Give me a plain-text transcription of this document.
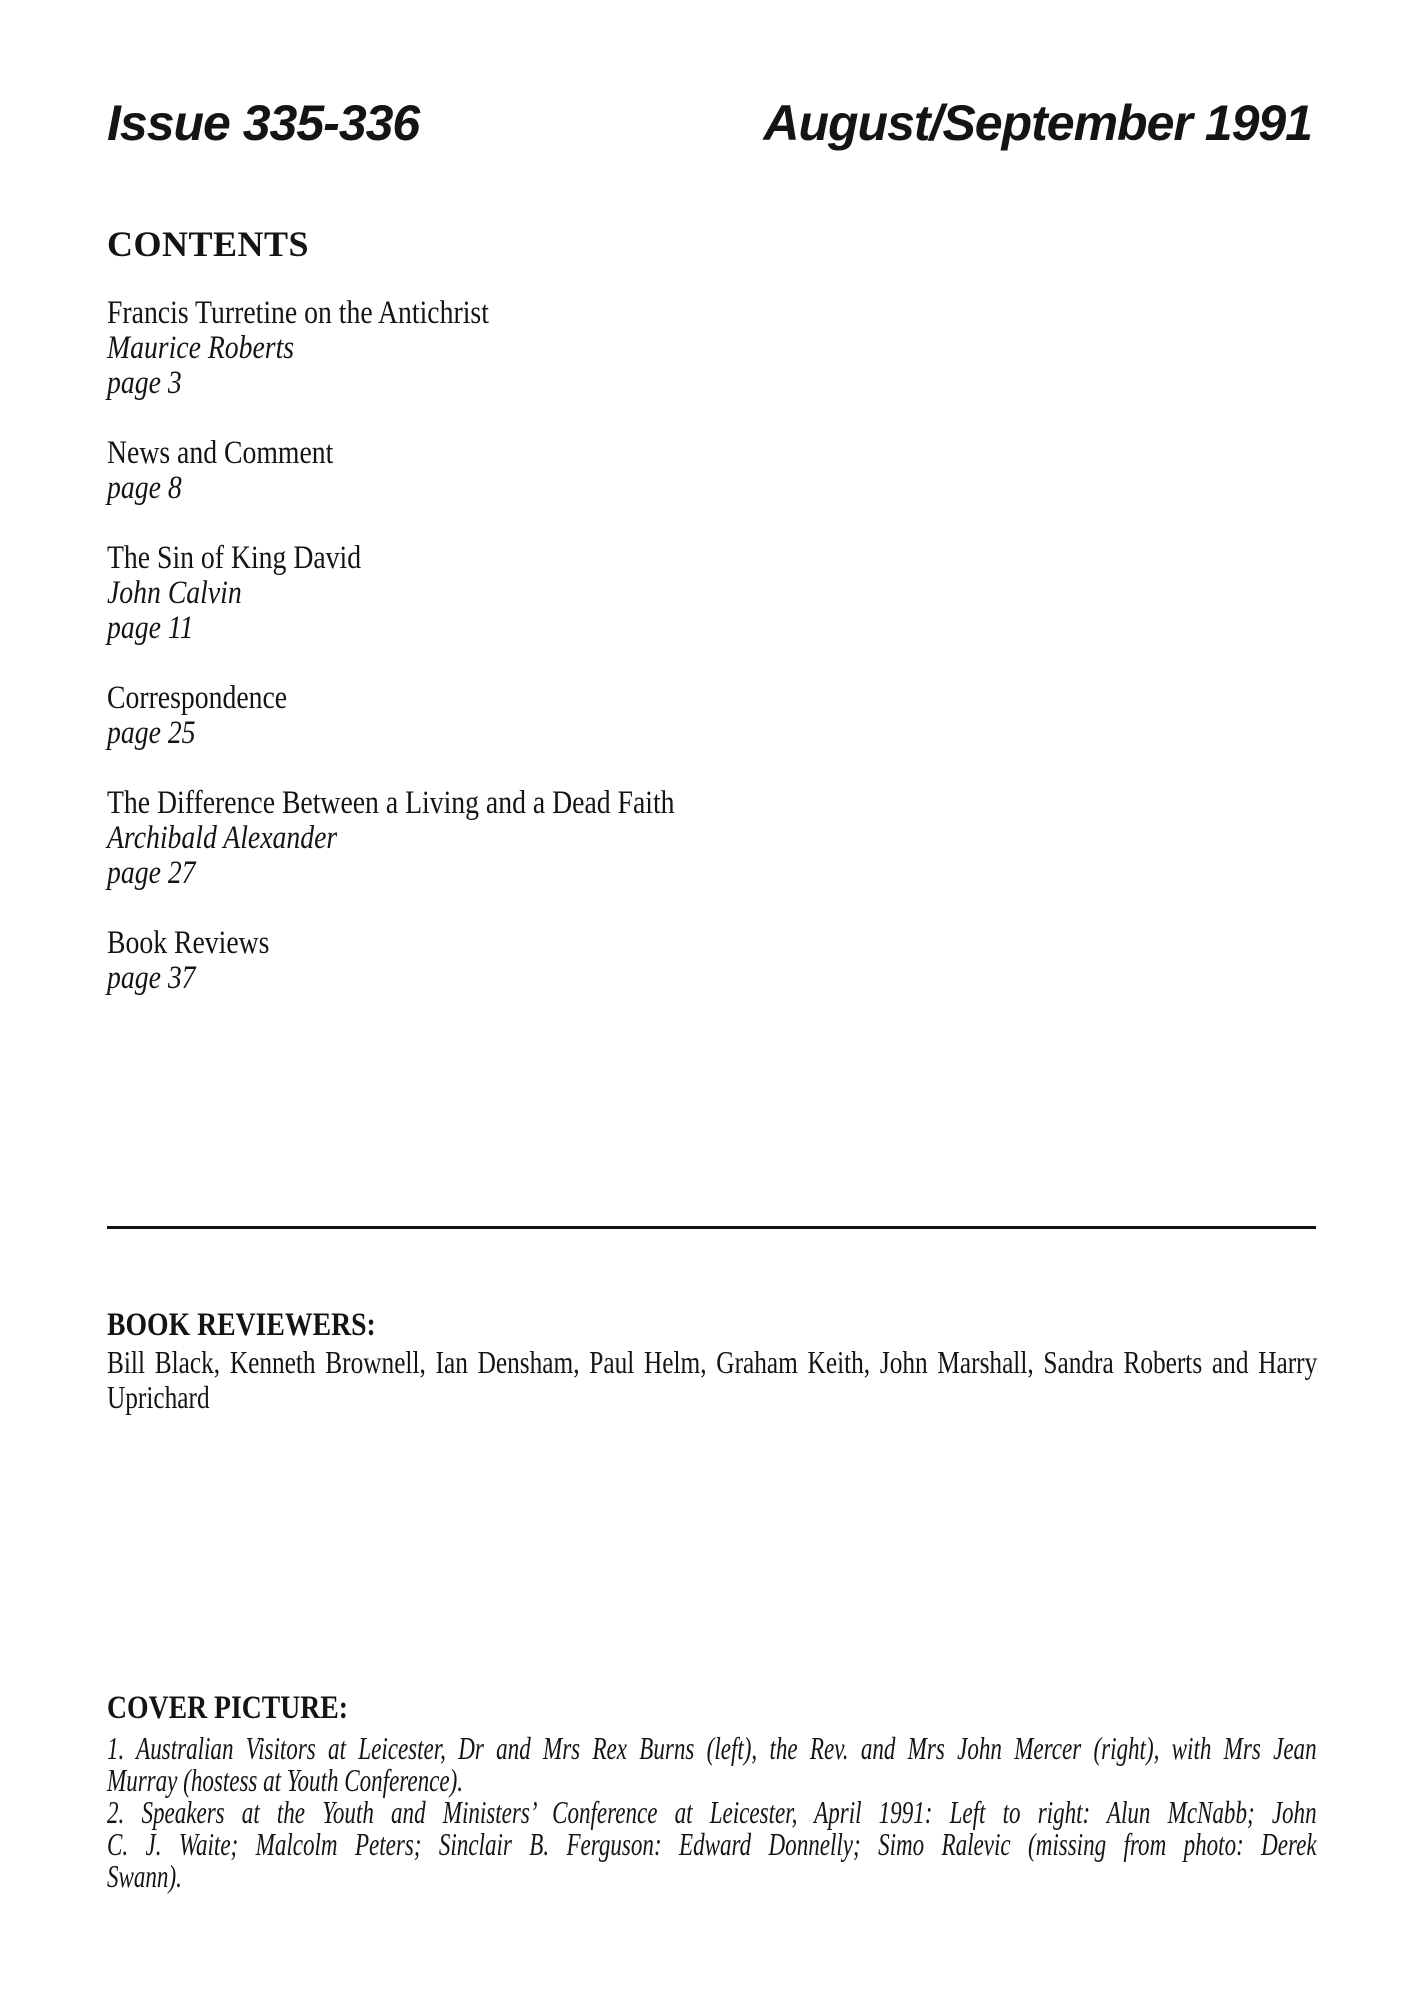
Issue 335-336	August/September 1991
CONTENTS
Francis Turretine on the Antichrist
Maurice Roberts
page 3
News and Comment
page 8
The Sin of King David
John Calvin
page 11
Correspondence
page 25
The Difference Between a Living and a Dead Faith
Archibald Alexander
page 27
Book Reviews
page 37
BOOK REVIEWERS:
Bill Black, Kenneth Brownell, Ian Densham, Paul Helm, Graham Keith, John Marshall, Sandra Roberts and Harry
Uprichard
COVER PICTURE:
1. Australian Visitors at Leicester, Dr and Mrs Rex Burns (left), the Rev. and Mrs John Mercer (right), with Mrs Jean
Murray (hostess at Youth Conference).
2. Speakers at the Youth and Ministers’ Conference at Leicester, April 1991: Left to right: Alun McNabb; John
C. J. Waite; Malcolm Peters; Sinclair B. Ferguson: Edward Donnelly; Simo Ralevic (missing from photo: Derek
Swann).
